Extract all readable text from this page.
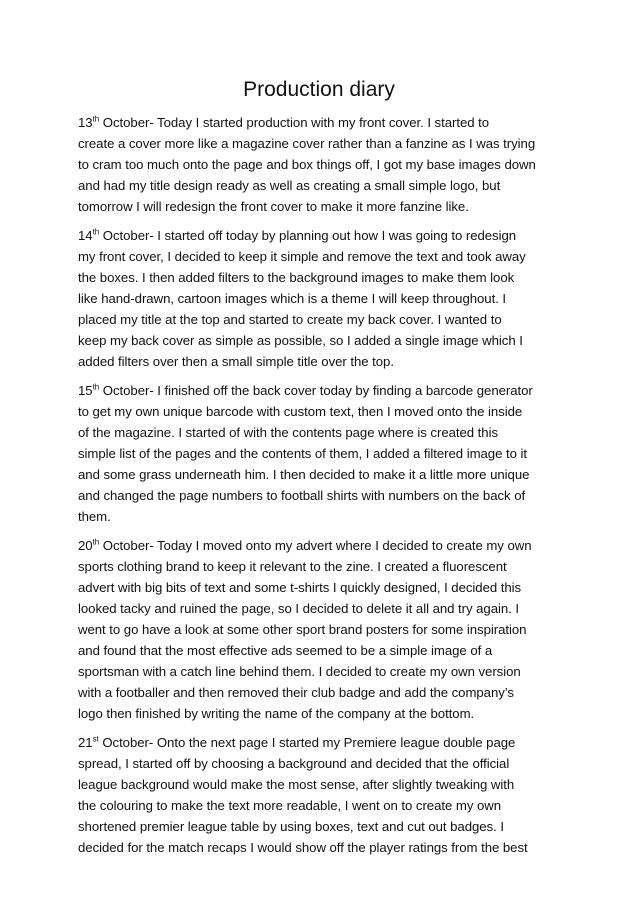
Production diary
13th October- Today I started production with my front cover. I started to
create a cover more like a magazine cover rather than a fanzine as I was trying
to cram too much onto the page and box things off, I got my base images down
and had my title design ready as well as creating a small simple logo, but
tomorrow I will redesign the front cover to make it more fanzine like.
14th October- I started off today by planning out how I was going to redesign
my front cover, I decided to keep it simple and remove the text and took away
the boxes. I then added filters to the background images to make them look
like hand-drawn, cartoon images which is a theme I will keep throughout. I
placed my title at the top and started to create my back cover. I wanted to
keep my back cover as simple as possible, so I added a single image which I
added filters over then a small simple title over the top.
15th October- I finished off the back cover today by finding a barcode generator
to get my own unique barcode with custom text, then I moved onto the inside
of the magazine. I started of with the contents page where is created this
simple list of the pages and the contents of them, I added a filtered image to it
and some grass underneath him. I then decided to make it a little more unique
and changed the page numbers to football shirts with numbers on the back of
them.
20th October- Today I moved onto my advert where I decided to create my own
sports clothing brand to keep it relevant to the zine. I created a fluorescent
advert with big bits of text and some t-shirts I quickly designed, I decided this
looked tacky and ruined the page, so I decided to delete it all and try again. I
went to go have a look at some other sport brand posters for some inspiration
and found that the most effective ads seemed to be a simple image of a
sportsman with a catch line behind them. I decided to create my own version
with a footballer and then removed their club badge and add the company’s
logo then finished by writing the name of the company at the bottom.
21st October- Onto the next page I started my Premiere league double page
spread, I started off by choosing a background and decided that the official
league background would make the most sense, after slightly tweaking with
the colouring to make the text more readable, I went on to create my own
shortened premier league table by using boxes, text and cut out badges. I
decided for the match recaps I would show off the player ratings from the best
